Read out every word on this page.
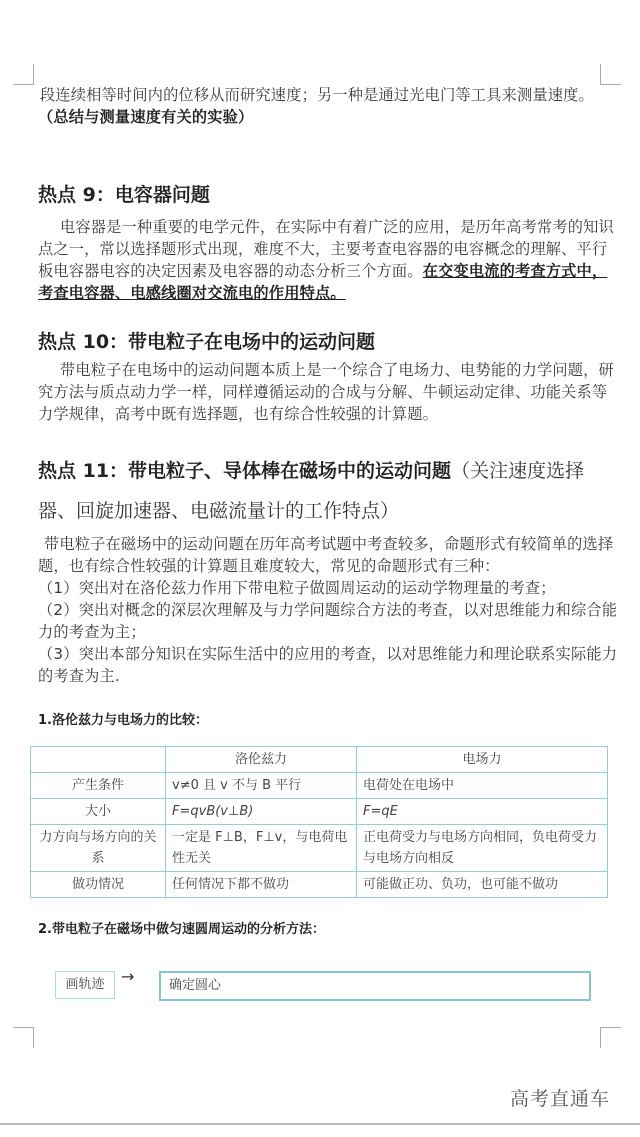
段连续相等时间内的位移从而研究速度；另一种是通过光电门等工具来测量速度。

（总结与测量速度有关的实验）

热点 9：电容器问题

电容器是一种重要的电学元件，在实际中有着广泛的应用，是历年高考常考的知识点之一，常以选择题形式出现，难度不大，主要考查电容器的电容概念的理解、平行板电容器电容的决定因素及电容器的动态分析三个方面。在交变电流的考查方式中，考查电容器、电感线圈对交流电的作用特点。

热点 10：带电粒子在电场中的运动问题

带电粒子在电场中的运动问题本质上是一个综合了电场力、电势能的力学问题，研究方法与质点动力学一样，同样遵循运动的合成与分解、牛顿运动定律、功能关系等力学规律，高考中既有选择题，也有综合性较强的计算题。

热点 11：带电粒子、导体棒在磁场中的运动问题（关注速度选择器、回旋加速器、电磁流量计的工作特点）

带电粒子在磁场中的运动问题在历年高考试题中考查较多，命题形式有较简单的选择题，也有综合性较强的计算题且难度较大，常见的命题形式有三种：

（1）突出对在洛伦兹力作用下带电粒子做圆周运动的运动学物理量的考查；

（2）突出对概念的深层次理解及与力学问题综合方法的考查，以对思维能力和综合能力的考查为主；

（3）突出本部分知识在实际生活中的应用的考查，以对思维能力和理论联系实际能力的考查为主.

1.洛伦兹力与电场力的比较：

	洛伦兹力	电场力
产生条件	v≠0 且 v 不与 B 平行	电荷处在电场中
大小	F=qvB(v⊥B)	F=qE
力方向与场方向的关系	一定是 F⊥B，F⊥v，与电荷电性无关	正电荷受力与电场方向相同，负电荷受力与电场方向相反
做功情况	任何情况下都不做功	可能做正功、负功，也可能不做功

2.带电粒子在磁场中做匀速圆周运动的分析方法：

画轨迹	→	确定圆心
高考直通车
